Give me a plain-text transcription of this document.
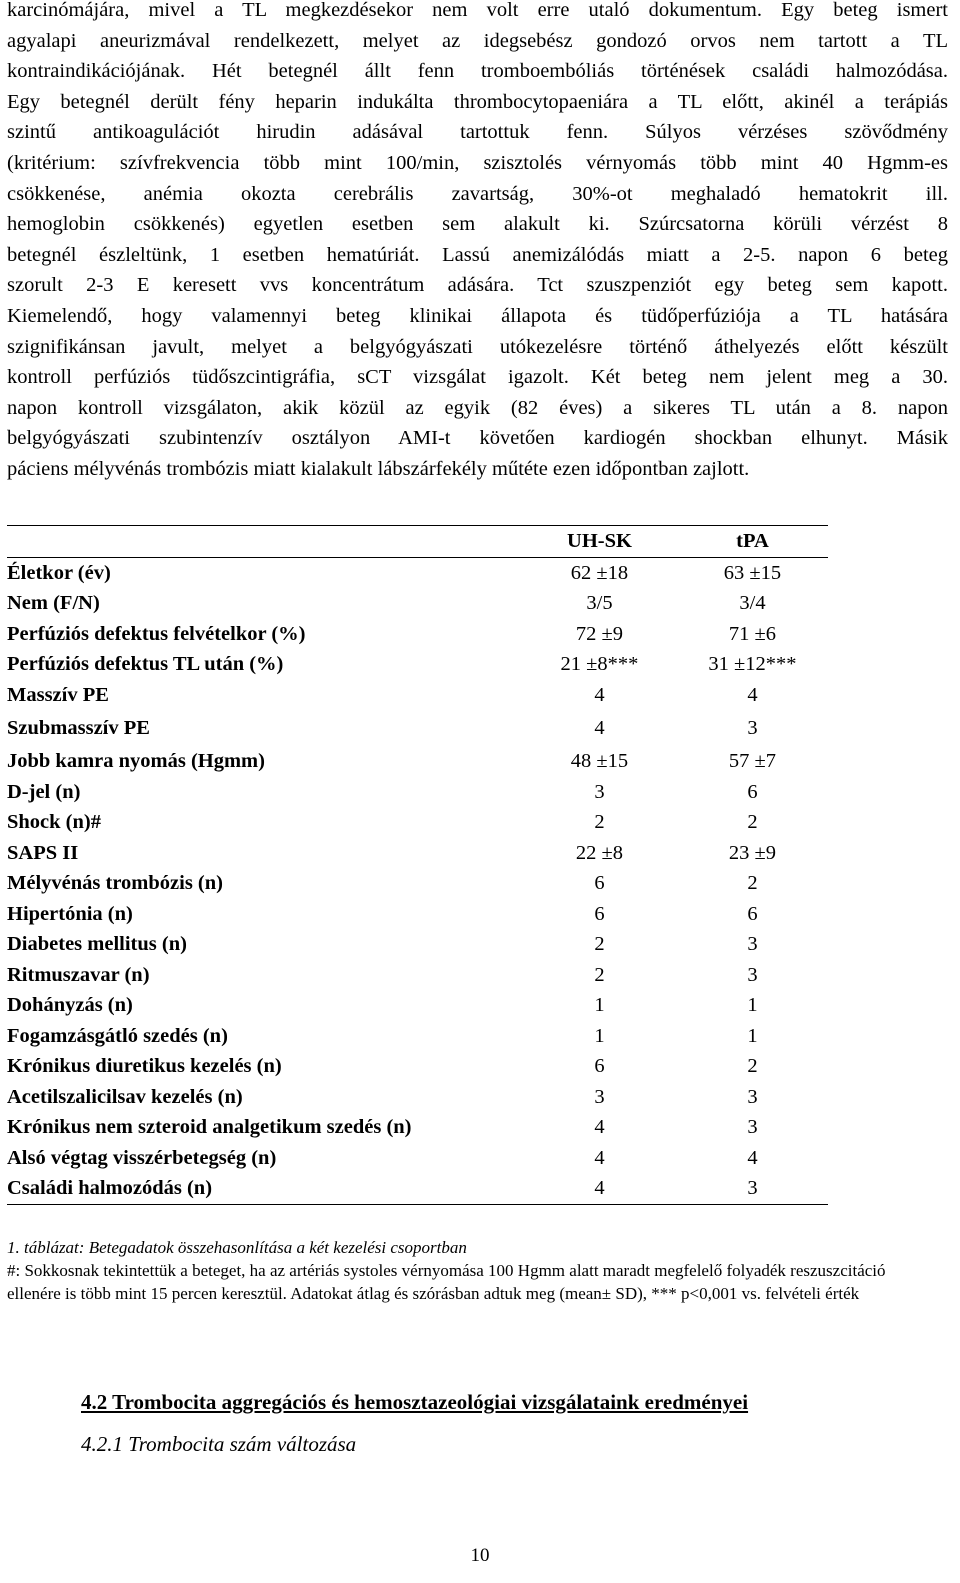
karcinómájára, mivel a TL megkezdésekor nem volt erre utaló dokumentum. Egy beteg ismert
agyalapi aneurizmával rendelkezett, melyet az idegsebész gondozó orvos nem tartott a TL
kontraindikációjának. Hét betegnél állt fenn tromboembóliás történések családi halmozódása.
Egy betegnél derült fény heparin indukálta thrombocytopaeniára a TL előtt, akinél a terápiás
szintű antikoagulációt hirudin adásával tartottuk fenn. Súlyos vérzéses szövődmény
(kritérium: szívfrekvencia több mint 100/min, szisztolés vérnyomás több mint 40 Hgmm-es
csökkenése, anémia okozta cerebrális zavartság, 30%-ot meghaladó hematokrit ill.
hemoglobin csökkenés) egyetlen esetben sem alakult ki. Szúrcsatorna körüli vérzést 8
betegnél észleltünk, 1 esetben hematúriát. Lassú anemizálódás miatt a 2-5. napon 6 beteg
szorult 2-3 E keresett vvs koncentrátum adására. Tct szuszpenziót egy beteg sem kapott.
Kiemelendő, hogy valamennyi beteg klinikai állapota és tüdőperfúziója a TL hatására
szignifikánsan javult, melyet a belgyógyászati utókezelésre történő áthelyezés előtt készült
kontroll perfúziós tüdőszcintigráfia, sCT vizsgálat igazolt. Két beteg nem jelent meg a 30.
napon kontroll vizsgálaton, akik közül az egyik (82 éves) a sikeres TL után a 8. napon
belgyógyászati szubintenzív osztályon AMI-t követően kardiogén shockban elhunyt. Másik
páciens mélyvénás trombózis miatt kialakult lábszárfekély műtéte ezen időpontban zajlott.
	UH-SK	tPA
Életkor (év)	62 ±18	63 ±15
Nem (F/N)	3/5	3/4
Perfúziós defektus felvételkor (%)	72 ±9	71 ±6
Perfúziós defektus TL után (%)	21 ±8***	31 ±12***
Masszív PE	4	4
Szubmasszív PE	4	3
Jobb kamra nyomás (Hgmm)	48 ±15	57 ±7
D-jel (n)	3	6
Shock (n)#	2	2
SAPS II	22 ±8	23 ±9
Mélyvénás trombózis (n)	6	2
Hipertónia (n)	6	6
Diabetes mellitus (n)	2	3
Ritmuszavar (n)	2	3
Dohányzás (n)	1	1
Fogamzásgátló szedés (n)	1	1
Krónikus diuretikus kezelés (n)	6	2
Acetilszalicilsav kezelés (n)	3	3
Krónikus nem szteroid analgetikum szedés (n)	4	3
Alsó végtag visszérbetegség (n)	4	4
Családi halmozódás (n)	4	3
1. táblázat: Betegadatok összehasonlítása a két kezelési csoportban
#: Sokkosnak tekintettük a beteget, ha az artériás systoles vérnyomása 100 Hgmm alatt maradt megfelelő folyadék reszuszcitáció ellenére is több mint 15 percen keresztül. Adatokat átlag és szórásban adtuk meg (mean± SD), *** p<0,001 vs. felvételi érték

4.2 Trombocita aggregációs és hemosztazeológiai vizsgálataink eredményei

4.2.1 Trombocita szám változása

10
